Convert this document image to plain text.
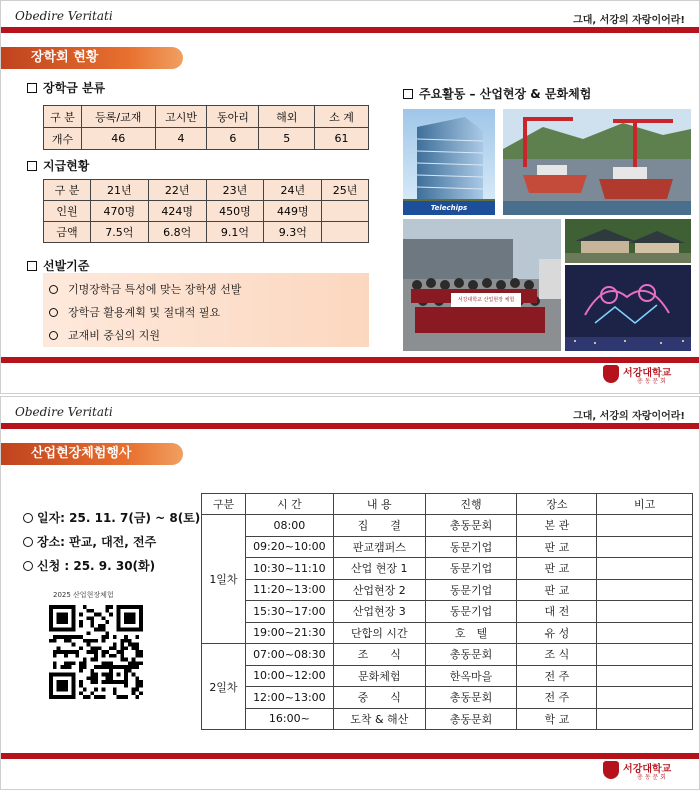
Obedire Veritati	그대, 서강의 자랑이어라!
장학회 현황
장학금 분류
구 분	등록/교재	고시반	동아리	해외	소 계
개수	46	4	6	5	61
지급현황
구 분	21년	22년	23년	24년	25년
인원	470명	424명	450명	449명	
금액	7.5억	6.8억	9.1억	9.3억	
선발기준
기명장학금 특성에 맞는 장학생 선발
장학금 활용계획 및 절대적 필요
교재비 중심의 지원
주요활동 – 산업현장 & 문화체험
Telechips
서강대학교 산업현장 체험
서강대학교
총 동 문 회
Obedire Veritati	그대, 서강의 자랑이어라!
산업현장체험행사
일자: 25. 11. 7(금) ~ 8(토)
장소: 판교, 대전, 전주
신청 : 25. 9. 30(화)
2025 산업현장체험
구분	시 간	내 용	진행	장소	비고
1일차	08:00	집　　결	총동문회	본 관	
	09:20~10:00	판교캠퍼스	동문기업	판 교	
	10:30~11:10	산업 현장 1	동문기업	판 교	
	11:20~13:00	산업현장 2	동문기업	판 교	
	15:30~17:00	산업현장 3	동문기업	대 전	
	19:00~21:30	단합의 시간	호　텔	유 성	
2일차	07:00~08:30	조　　식	총동문회	조 식	
	10:00~12:00	문화체험	한옥마을	전 주	
	12:00~13:00	중　　식	총동문회	전 주	
	16:00~	도착 & 해산	총동문회	학 교	
서강대학교
총 동 문 회
